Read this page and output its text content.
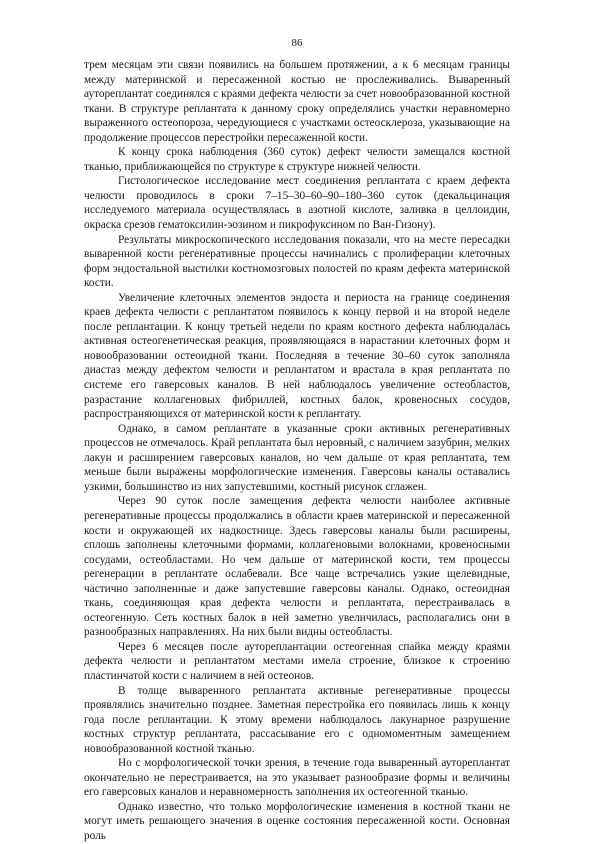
86

трем месяцам эти связи появились на большем протяжении, а к 6 месяцам границы между материнской и пересаженной костью не прослеживались. Вываренный аутореплантат соединялся с краями дефекта челюсти за счет новообразованной костной ткани. В структуре реплантата к данному сроку определялись участки неравномерно выраженного остеопороза, чередующиеся с участками остеосклероза, указывающие на продолжение процессов перестройки пересаженной кости.

К концу срока наблюдения (360 суток) дефект челюсти замещался костной тканью, приближающейся по структуре к структуре нижней челюсти.

Гистологическое исследование мест соединения реплантата с краем дефекта челюсти проводилось в сроки 7–15–30–60–90–180–360 суток (декальцинация исследуемого материала осуществлялась в азотной кислоте, заливка в целлоидин, окраска срезов гематоксилин-эозином и пикрофуксином по Ван-Гизону).

Результаты микроскопического исследования показали, что на месте пересадки вываренной кости регенеративные процессы начинались с пролиферации клеточных форм эндостальной выстилки костномозговых полостей по краям дефекта материнской кости.

Увеличение клеточных элементов эндоста и периоста на границе соединения краев дефекта челюсти с реплантатом появилось к концу первой и на второй неделе после реплантации. К концу третьей недели по краям костного дефекта наблюдалась активная остеогенетическая реакция, проявляющаяся в нарастании клеточных форм и новообразовании остеоидной ткани. Последняя в течение 30–60 суток заполняла диастаз между дефектом челюсти и реплантатом и врастала в края реплантата по системе его гаверсовых каналов. В ней наблюдалось увеличение остеобластов, разрастание коллагеновых фибриллей, костных балок, кровеносных сосудов, распространяющихся от материнской кости к реплантату.

Однако, в самом реплантате в указанные сроки активных регенеративных процессов не отмечалось. Край реплантата был неровный, с наличием зазубрин, мелких лакун и расширением гаверсовых каналов, но чем дальше от края реплантата, тем меньше были выражены морфологические изменения. Гаверсовы каналы оставались узкими, большинство из них запустевшими, костный рисунок сглажен.

Через 90 суток после замещения дефекта челюсти наиболее активные регенеративные процессы продолжались в области краев материнской и пересаженной кости и окружающей их надкостнице. Здесь гаверсовы каналы были расширены, сплошь заполнены клеточными формами, коллагеновыми волокнами, кровеносными сосудами, остеобластами. Но чем дальше от материнской кости, тем процессы регенерации в реплантате ослабевали. Все чаще встречались узкие щелевидные, частично заполненные и даже запустевшие гаверсовы каналы. Однако, остеоидная ткань, соединяющая края дефекта челюсти и реплантата, перестраивалась в остеогенную. Сеть костных балок в ней заметно увеличилась, располагались они в разнообразных направлениях. На них были видны остеобласты.

Через 6 месяцев после аутореплантации остеогенная спайка между краями дефекта челюсти и реплантатом местами имела строение, близкое к строению пластинчатой кости с наличием в ней остеонов.

В толще вываренного реплантата активные регенеративные процессы проявлялись значительно позднее. Заметная перестройка его появилась лишь к концу года после реплантации. К этому времени наблюдалось лакунарное разрушение костных структур реплантата, рассасывание его с одномоментным замещением новообразованной костной тканью.

Но с морфологической точки зрения, в течение года вываренный аутореплантат окончательно не перестраивается, на это указывает разнообразие формы и величины его гаверсовых каналов и неравномерность заполнения их остеогенной тканью.

Однако известно, что только морфологические изменения в костной ткани не могут иметь решающего значения в оценке состояния пересаженной кости. Основная роль
